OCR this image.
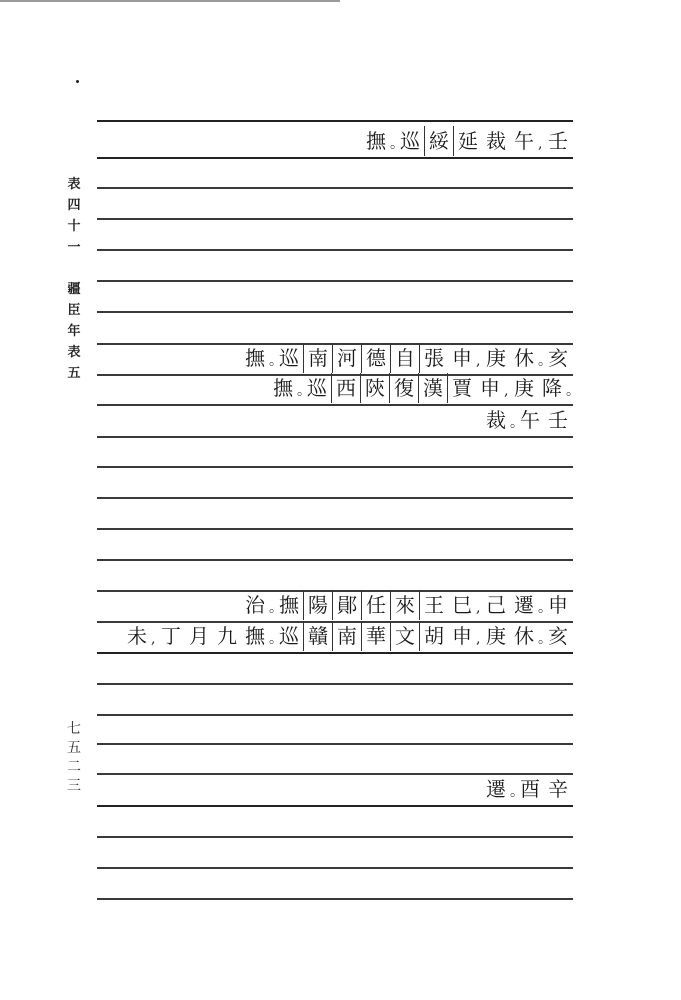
表
四
十
一

疆
臣
年
表
五
七
五
二
三
撫 。巡 綏 延 裁 午 , 壬
撫 。巡 南 河 德 自 張 申 , 庚 休 。亥
撫 。巡 西 陝 復 漢 賈 申 , 庚 降 。
裁 。午 壬
治 。撫 陽 鄖 任 來 王 巳 , 己 遷 。申
未 , 丁 月 九 撫 。巡 贛 南 華 文 胡 申 , 庚 休 。亥
遷 。酉 辛
